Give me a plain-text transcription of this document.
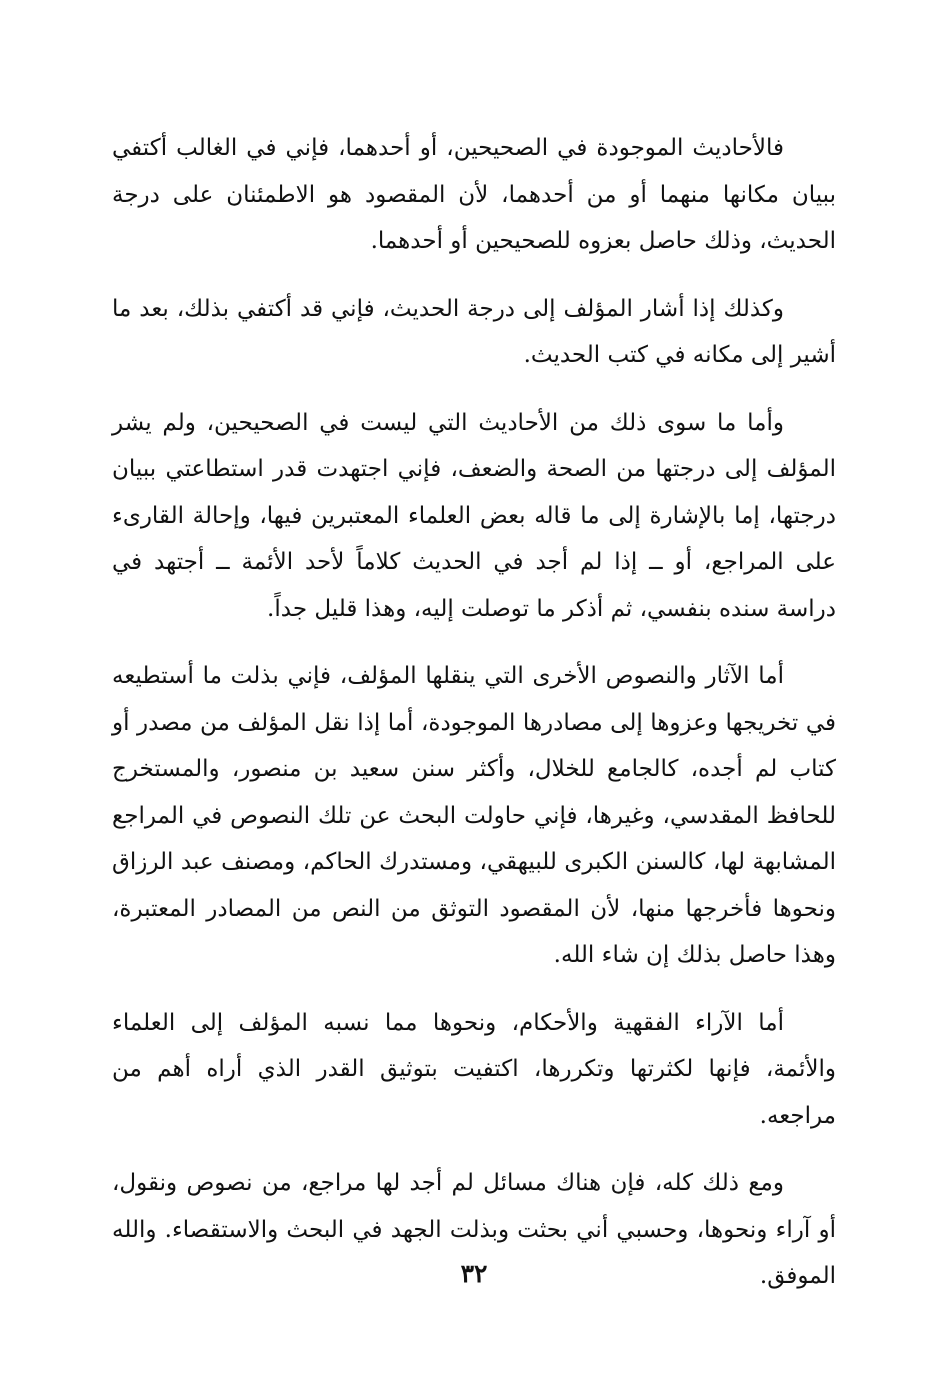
فالأحاديث الموجودة في الصحيحين، أو أحدهما، فإني في الغالب أكتفي ببيان مكانها منهما أو من أحدهما، لأن المقصود هو الاطمئنان على درجة الحديث، وذلك حاصل بعزوه للصحيحين أو أحدهما.

وكذلك إذا أشار المؤلف إلى درجة الحديث، فإني قد أكتفي بذلك، بعد ما أشير إلى مكانه في كتب الحديث.

وأما ما سوى ذلك من الأحاديث التي ليست في الصحيحين، ولم يشر المؤلف إلى درجتها من الصحة والضعف، فإني اجتهدت قدر استطاعتي ببيان درجتها، إما بالإشارة إلى ما قاله بعض العلماء المعتبرين فيها، وإحالة القارىء على المراجع، أو ــ إذا لم أجد في الحديث كلاماً لأحد الأئمة ــ أجتهد في دراسة سنده بنفسي، ثم أذكر ما توصلت إليه، وهذا قليل جداً.

أما الآثار والنصوص الأخرى التي ينقلها المؤلف، فإني بذلت ما أستطيعه في تخريجها وعزوها إلى مصادرها الموجودة، أما إذا نقل المؤلف من مصدر أو كتاب لم أجده، كالجامع للخلال، وأكثر سنن سعيد بن منصور، والمستخرج للحافظ المقدسي، وغيرها، فإني حاولت البحث عن تلك النصوص في المراجع المشابهة لها، كالسنن الكبرى للبيهقي، ومستدرك الحاكم، ومصنف عبد الرزاق ونحوها فأخرجها منها، لأن المقصود التوثق من النص من المصادر المعتبرة، وهذا حاصل بذلك إن شاء الله.

أما الآراء الفقهية والأحكام، ونحوها مما نسبه المؤلف إلى العلماء والأئمة، فإنها لكثرتها وتكررها، اكتفيت بتوثيق القدر الذي أراه أهم من مراجعه.

ومع ذلك كله، فإن هناك مسائل لم أجد لها مراجع، من نصوص ونقول، أو آراء ونحوها، وحسبي أني بحثت وبذلت الجهد في البحث والاستقصاء. والله الموفق.

٣٢
